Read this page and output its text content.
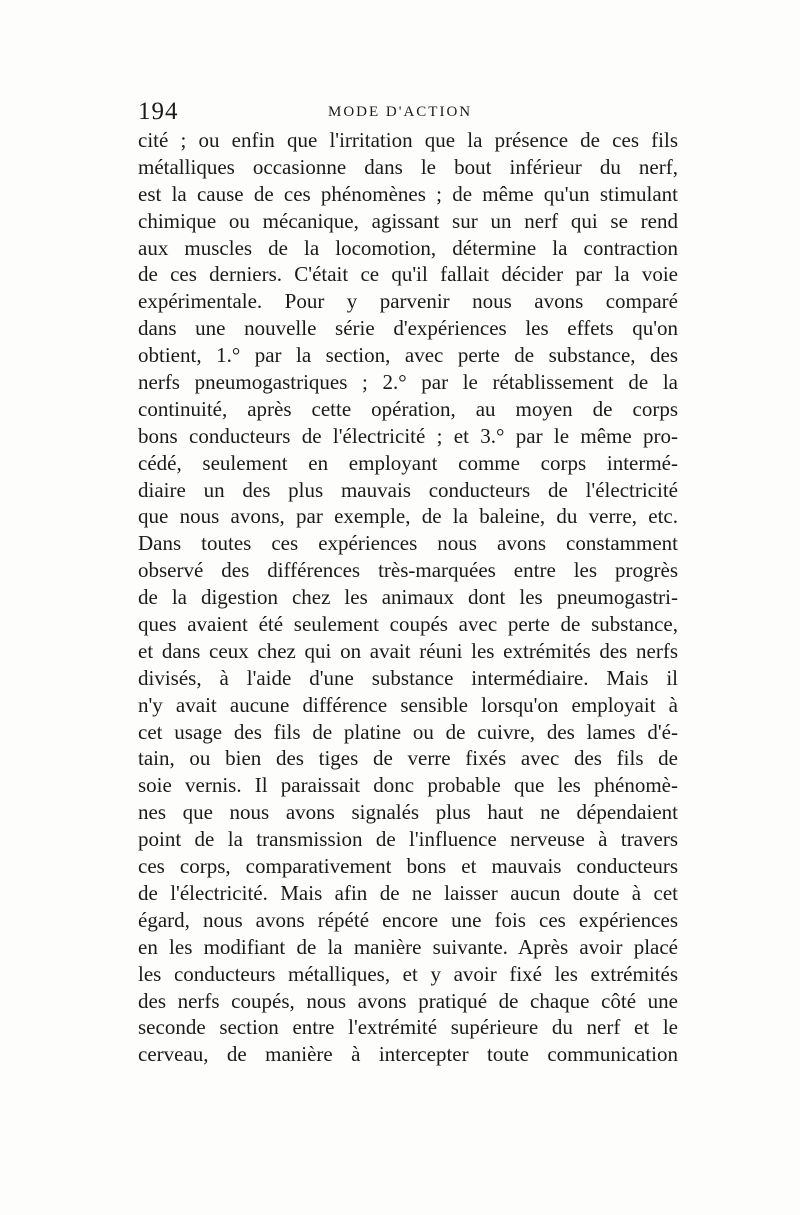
194	MODE D'ACTION
cité ; ou enfin que l'irritation que la présence de ces fils
métalliques occasionne dans le bout inférieur du nerf,
est la cause de ces phénomènes ; de même qu'un stimulant
chimique ou mécanique, agissant sur un nerf qui se rend
aux muscles de la locomotion, détermine la contraction
de ces derniers. C'était ce qu'il fallait décider par la voie
expérimentale. Pour y parvenir nous avons comparé
dans une nouvelle série d'expériences les effets qu'on
obtient, 1.° par la section, avec perte de substance, des
nerfs pneumogastriques ; 2.° par le rétablissement de la
continuité, après cette opération, au moyen de corps
bons conducteurs de l'électricité ; et 3.° par le même pro-
cédé, seulement en employant comme corps intermé-
diaire un des plus mauvais conducteurs de l'électricité
que nous avons, par exemple, de la baleine, du verre, etc.
Dans toutes ces expériences nous avons constamment
observé des différences très-marquées entre les progrès
de la digestion chez les animaux dont les pneumogastri-
ques avaient été seulement coupés avec perte de substance,
et dans ceux chez qui on avait réuni les extrémités des nerfs
divisés, à l'aide d'une substance intermédiaire. Mais il
n'y avait aucune différence sensible lorsqu'on employait à
cet usage des fils de platine ou de cuivre, des lames d'é-
tain, ou bien des tiges de verre fixés avec des fils de
soie vernis. Il paraissait donc probable que les phénomè-
nes que nous avons signalés plus haut ne dépendaient
point de la transmission de l'influence nerveuse à travers
ces corps, comparativement bons et mauvais conducteurs
de l'électricité. Mais afin de ne laisser aucun doute à cet
égard, nous avons répété encore une fois ces expériences
en les modifiant de la manière suivante. Après avoir placé
les conducteurs métalliques, et y avoir fixé les extrémités
des nerfs coupés, nous avons pratiqué de chaque côté une
seconde section entre l'extrémité supérieure du nerf et le
cerveau, de manière à intercepter toute communication
